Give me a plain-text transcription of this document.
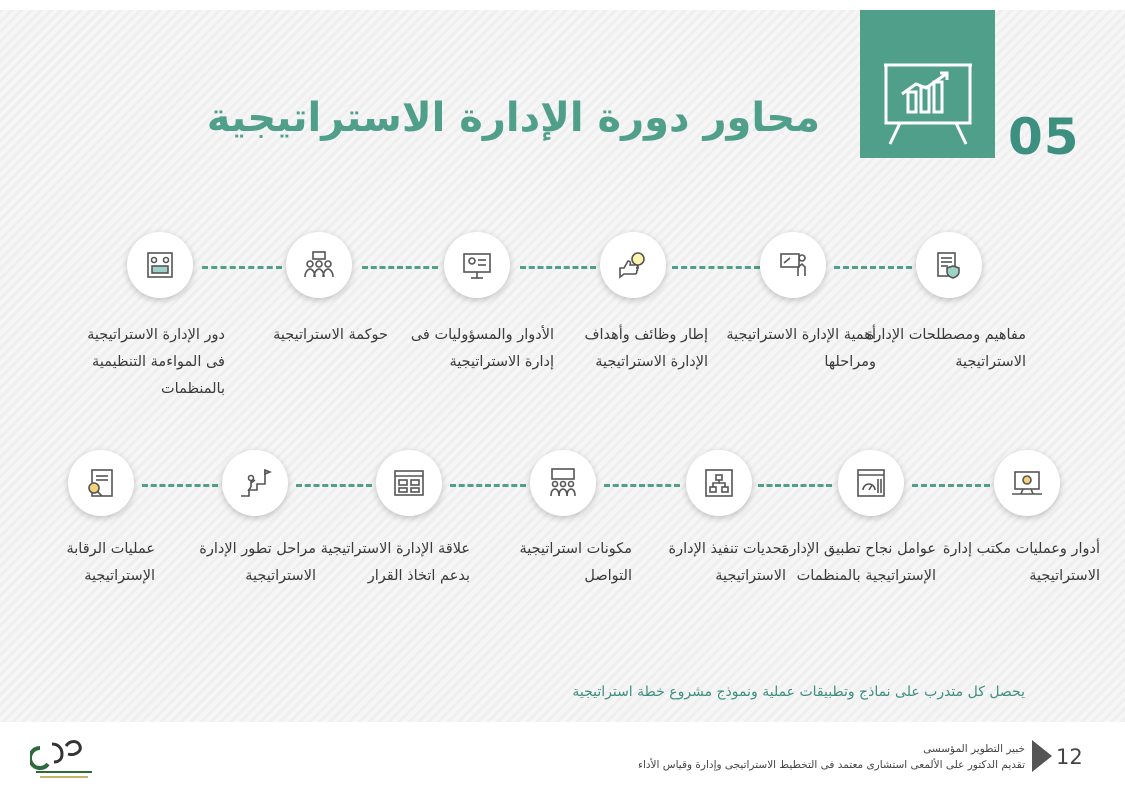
05
محاور دورة الإدارة الاستراتيجية
مفاهيم ومصطلحات الإدارة الاستراتيجية
أهمية الإدارة الاستراتيجية ومراحلها
إطار وظائف وأهداف الإدارة الاستراتيجية
الأدوار والمسؤوليات فى إدارة الاستراتيجية
حوكمة الاستراتيجية
دور الإدارة الاستراتيجية فى المواءمة التنظيمية بالمنظمات
أدوار وعمليات مكتب إدارة الاستراتيجية
عوامل نجاح تطبيق الإدارة الإستراتيجية بالمنظمات
تحديات تنفيذ الإدارة الاستراتيجية
مكونات استراتيجية التواصل
علاقة الإدارة الاستراتيجية بدعم اتخاذ القرار
مراحل تطور الإدارة الاستراتيجية
عمليات الرقابة الإستراتيجية
يحصل كل متدرب على نماذج وتطبيقات عملية ونموذج مشروع خطة استراتيجية
12
خبير التطوير المؤسسى
تقديم الدكتور على الألمعى استشارى معتمد فى التخطيط الاستراتيجى وإدارة وقياس الأداء
